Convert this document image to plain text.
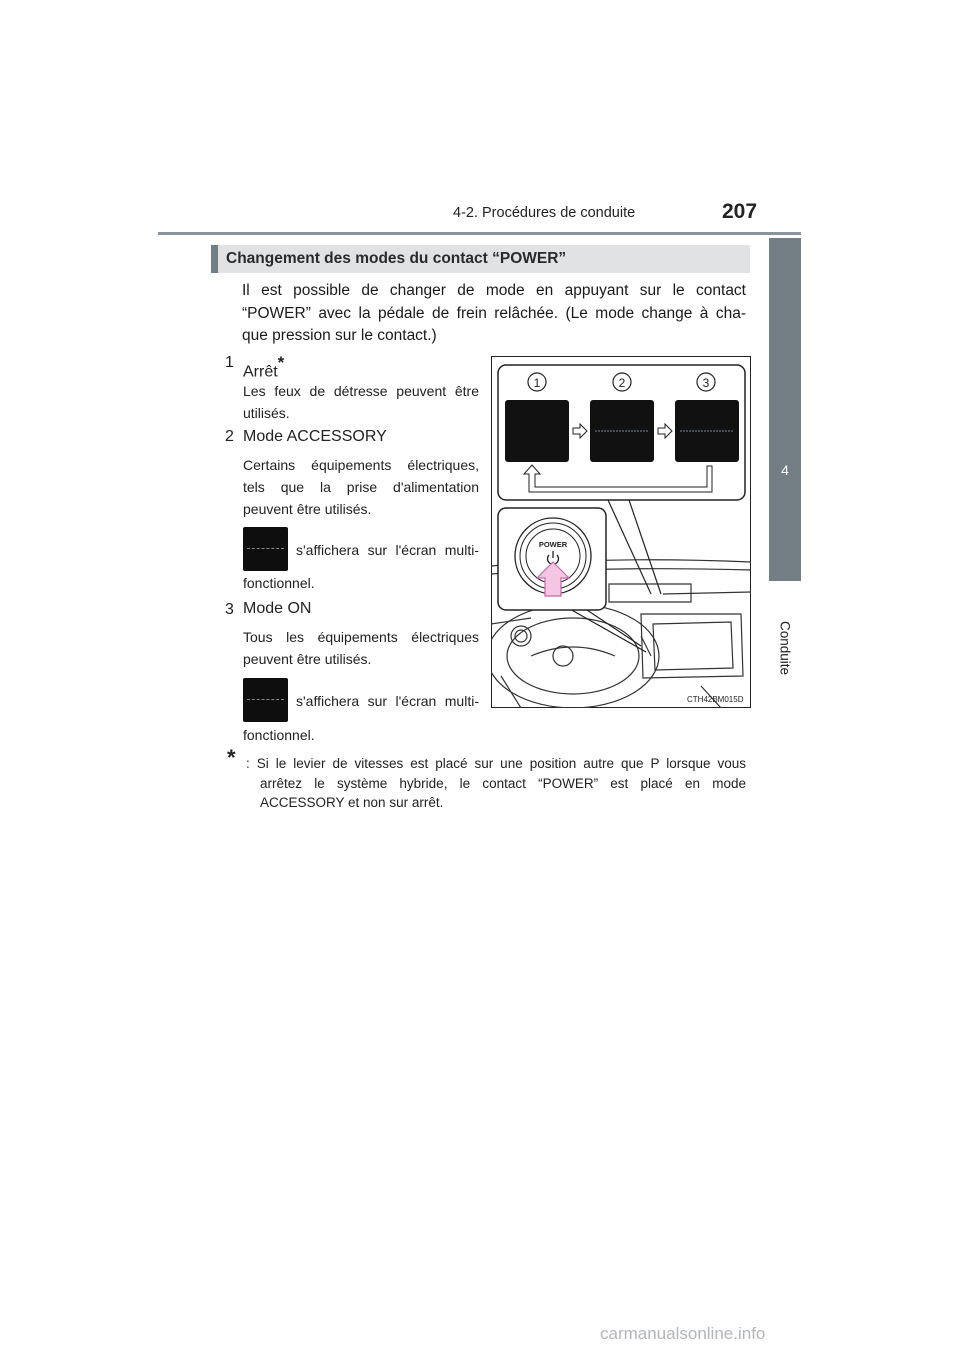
4-2. Procédures de conduite	207
4
Conduite
Changement des modes du contact “POWER”
Il est possible de changer de mode en appuyant sur le contact
“POWER” avec la pédale de frein relâchée. (Le mode change à cha-
que pression sur le contact.)
1
Arrêt*
Les feux de détresse peuvent être
utilisés.
2 Mode ACCESSORY
Certains équipements électriques,
tels que la prise d'alimentation
peuvent être utilisés.
s'affichera sur l'écran multi-
fonctionnel.
3 Mode ON
Tous les équipements électriques
peuvent être utilisés.
s'affichera sur l'écran multi-
fonctionnel.
* : Si le levier de vitesses est placé sur une position autre que P lorsque vous
arrêtez le système hybride, le contact “POWER” est placé en mode
ACCESSORY et non sur arrêt.
1	2	3
POWER
CTH42BM015D
carmanualsonline.info
